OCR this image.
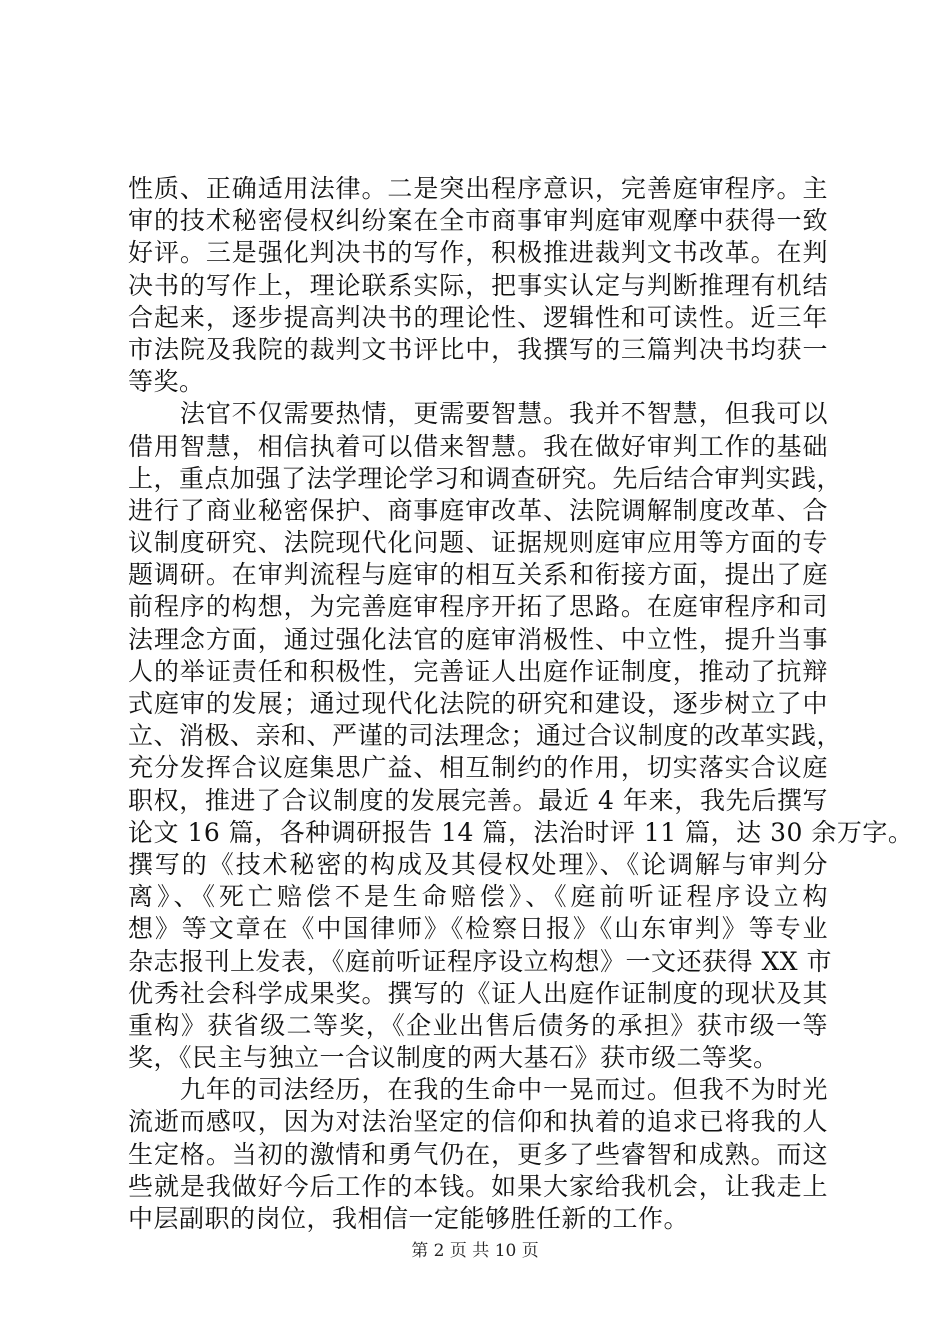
性质、正确适用法律。二是突出程序意识，完善庭审程序。主
审的技术秘密侵权纠纷案在全市商事审判庭审观摩中获得一致
好评。三是强化判决书的写作，积极推进裁判文书改革。在判
决书的写作上，理论联系实际，把事实认定与判断推理有机结
合起来，逐步提高判决书的理论性、逻辑性和可读性。近三年
市法院及我院的裁判文书评比中，我撰写的三篇判决书均获一
等奖。
　　法官不仅需要热情，更需要智慧。我并不智慧，但我可以
借用智慧，相信执着可以借来智慧。我在做好审判工作的基础
上，重点加强了法学理论学习和调查研究。先后结合审判实践，
进行了商业秘密保护、商事庭审改革、法院调解制度改革、合
议制度研究、法院现代化问题、证据规则庭审应用等方面的专
题调研。在审判流程与庭审的相互关系和衔接方面，提出了庭
前程序的构想，为完善庭审程序开拓了思路。在庭审程序和司
法理念方面，通过强化法官的庭审消极性、中立性，提升当事
人的举证责任和积极性，完善证人出庭作证制度，推动了抗辩
式庭审的发展；通过现代化法院的研究和建设，逐步树立了中
立、消极、亲和、严谨的司法理念；通过合议制度的改革实践，
充分发挥合议庭集思广益、相互制约的作用，切实落实合议庭
职权，推进了合议制度的发展完善。最近 4 年来，我先后撰写
论文 16 篇，各种调研报告 14 篇，法治时评 11 篇，达 30 余万字。
撰写的《技术秘密的构成及其侵权处理》、《论调解与审判分
离》、《死亡赔偿不是生命赔偿》、《庭前听证程序设立构
想》等文章在《中国律师》《检察日报》《山东审判》等专业
杂志报刊上发表，《庭前听证程序设立构想》一文还获得 XX 市
优秀社会科学成果奖。撰写的《证人出庭作证制度的现状及其
重构》获省级二等奖，《企业出售后债务的承担》获市级一等
奖，《民主与独立一合议制度的两大基石》获市级二等奖。
　　九年的司法经历，在我的生命中一晃而过。但我不为时光
流逝而感叹，因为对法治坚定的信仰和执着的追求已将我的人
生定格。当初的激情和勇气仍在，更多了些睿智和成熟。而这
些就是我做好今后工作的本钱。如果大家给我机会，让我走上
中层副职的岗位，我相信一定能够胜任新的工作。
第 2 页 共 10 页
